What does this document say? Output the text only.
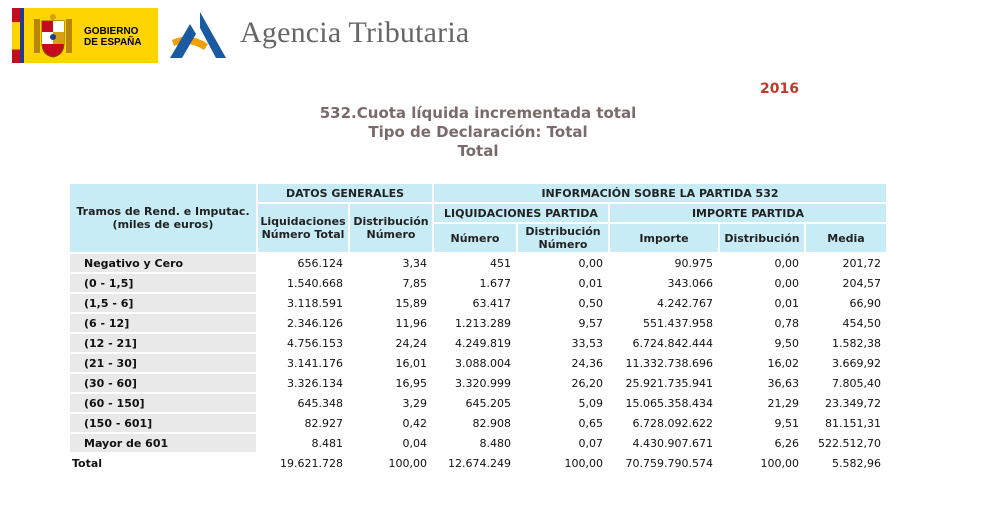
GOBIERNO
DE ESPAÑA	Agencia Tributaria
2016
532.Cuota líquida incrementada total
Tipo de Declaración: Total
Total
Tramos de Rend. e Imputac. (miles de euros)	DATOS GENERALES		INFORMACIÓN SOBRE LA PARTIDA 532				
	Liquidaciones Número Total	Distribución Número	LIQUIDACIONES PARTIDA		IMPORTE PARTIDA		
			Número	Distribución Número	Importe	Distribución	Media
Negativo y Cero	656.124	3,34	451	0,00	90.975	0,00	201,72
(0 - 1,5]	1.540.668	7,85	1.677	0,01	343.066	0,00	204,57
(1,5 - 6]	3.118.591	15,89	63.417	0,50	4.242.767	0,01	66,90
(6 - 12]	2.346.126	11,96	1.213.289	9,57	551.437.958	0,78	454,50
(12 - 21]	4.756.153	24,24	4.249.819	33,53	6.724.842.444	9,50	1.582,38
(21 - 30]	3.141.176	16,01	3.088.004	24,36	11.332.738.696	16,02	3.669,92
(30 - 60]	3.326.134	16,95	3.320.999	26,20	25.921.735.941	36,63	7.805,40
(60 - 150]	645.348	3,29	645.205	5,09	15.065.358.434	21,29	23.349,72
(150 - 601]	82.927	0,42	82.908	0,65	6.728.092.622	9,51	81.151,31
Mayor de 601	8.481	0,04	8.480	0,07	4.430.907.671	6,26	522.512,70
Total	19.621.728	100,00	12.674.249	100,00	70.759.790.574	100,00	5.582,96
